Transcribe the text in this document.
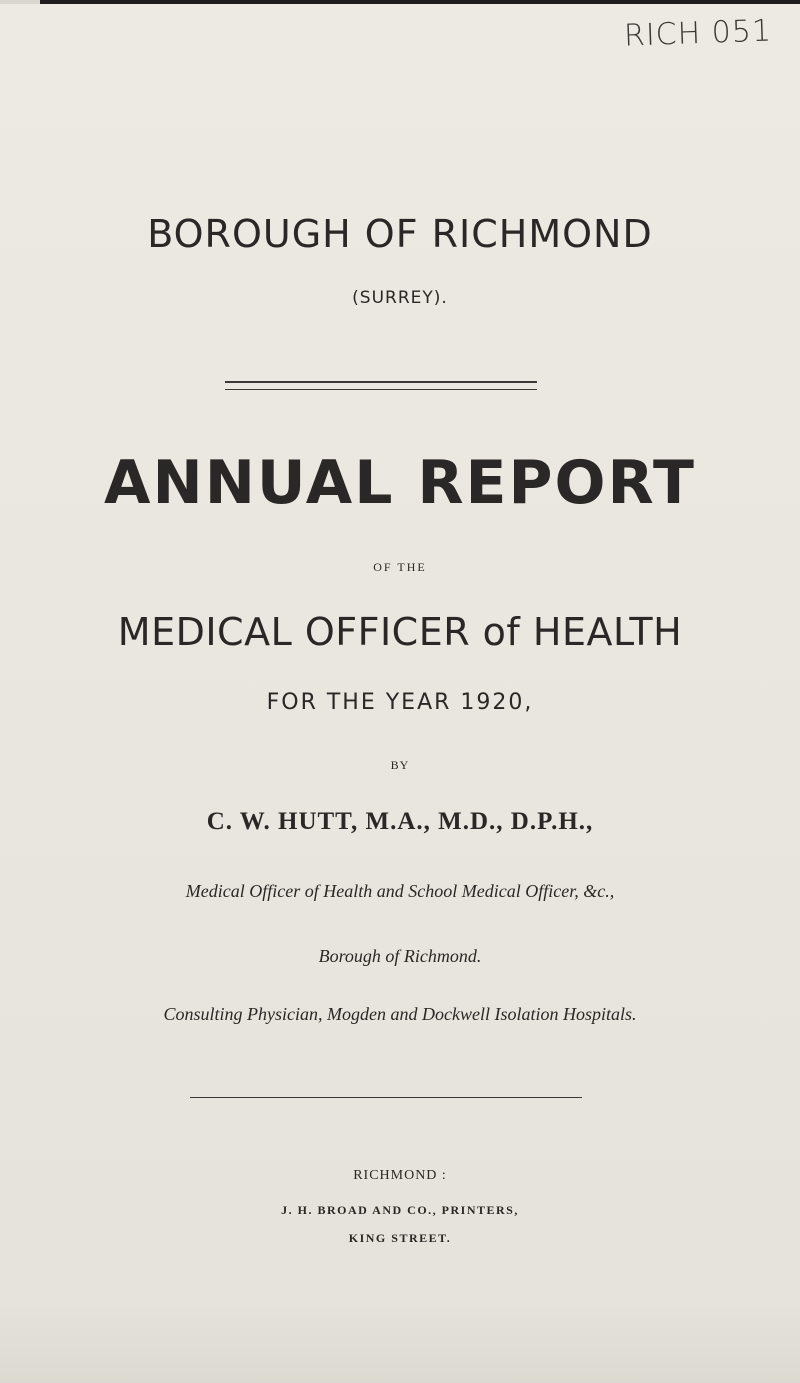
RICH 051
BOROUGH OF RICHMOND
(SURREY).
ANNUAL REPORT
OF THE
MEDICAL OFFICER of HEALTH
FOR THE YEAR 1920,
BY
C. W. HUTT, M.A., M.D., D.P.H.,
Medical Officer of Health and School Medical Officer, &c.,
Borough of Richmond.
Consulting Physician, Mogden and Dockwell Isolation Hospitals.
RICHMOND :
J. H. BROAD AND CO., PRINTERS,
KING STREET.
